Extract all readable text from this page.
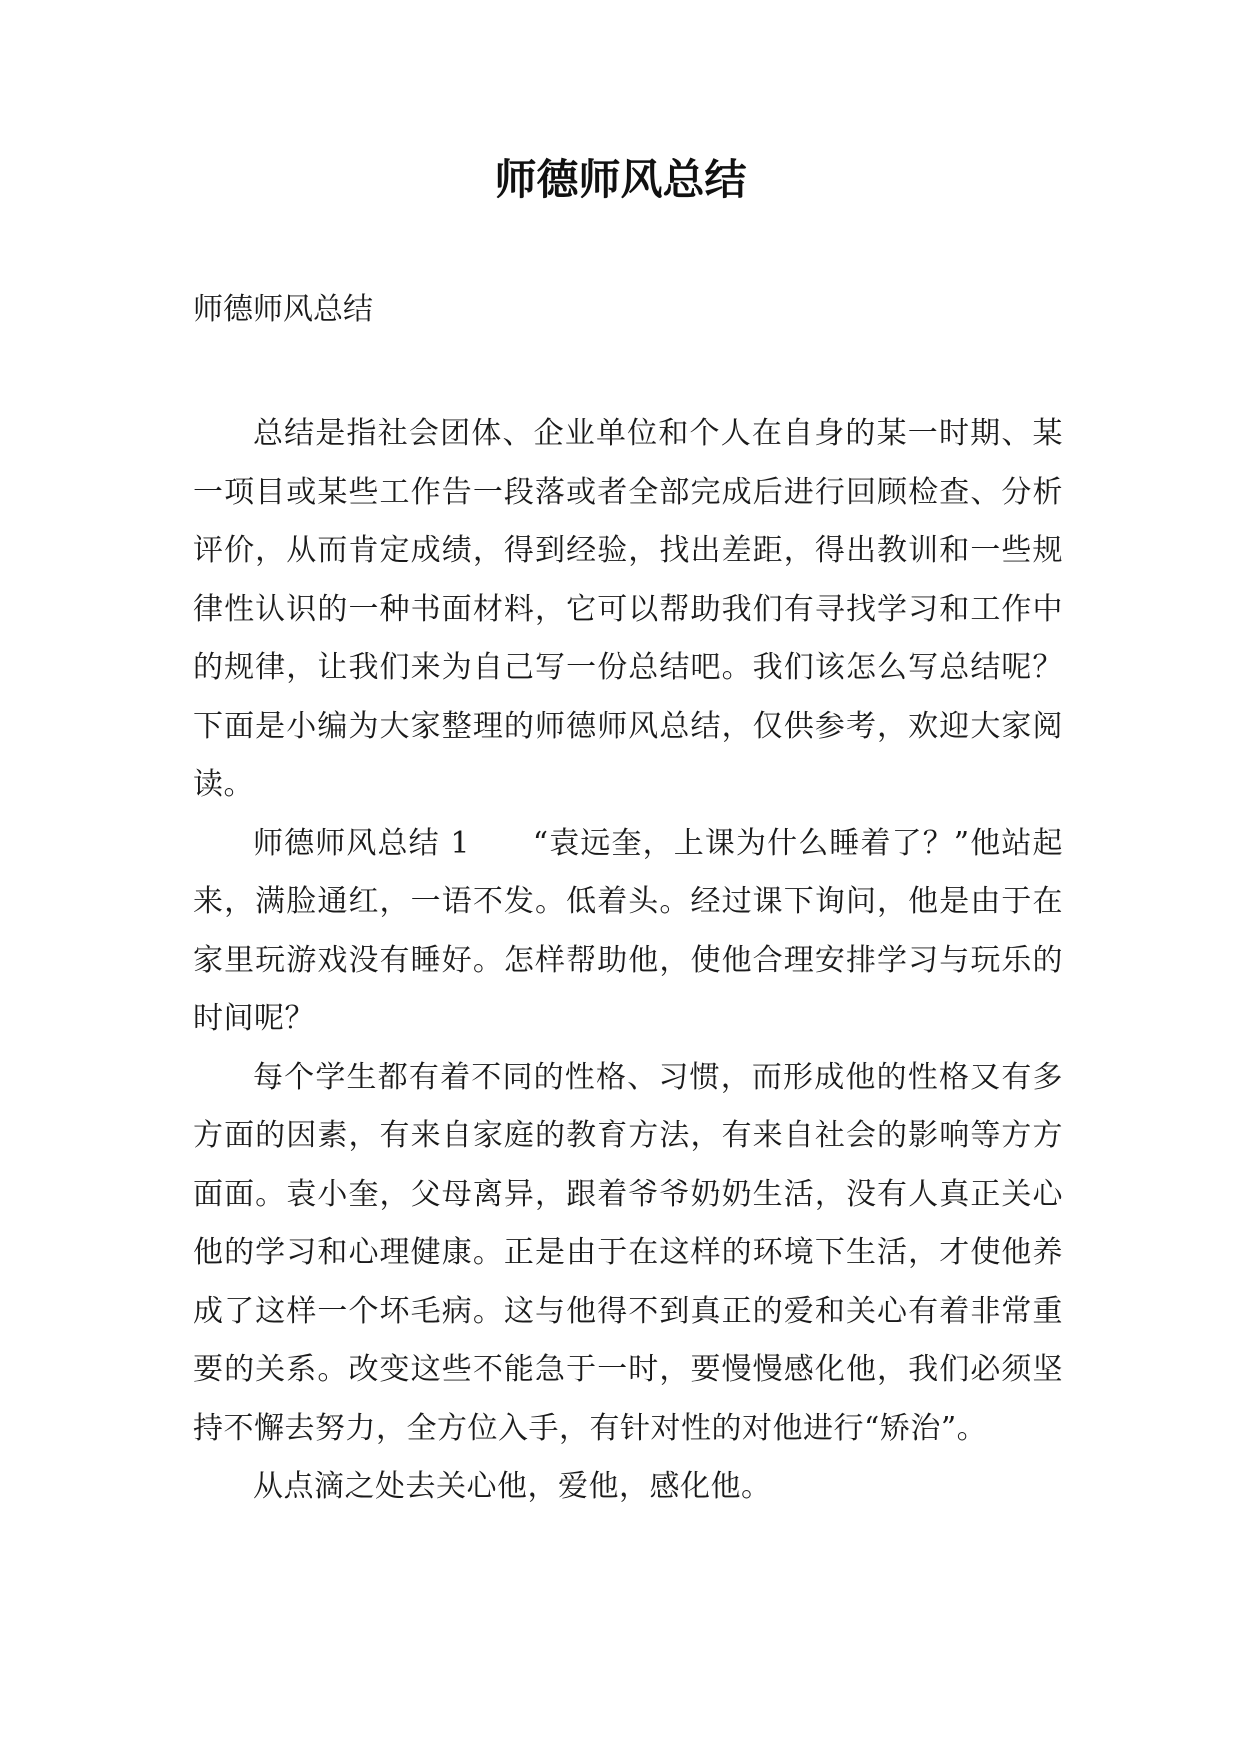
师德师风总结

师德师风总结

总结是指社会团体、企业单位和个人在自身的某一时期、某一项目或某些工作告一段落或者全部完成后进行回顾检查、分析评价，从而肯定成绩，得到经验，找出差距，得出教训和一些规律性认识的一种书面材料，它可以帮助我们有寻找学习和工作中的规律，让我们来为自己写一份总结吧。我们该怎么写总结呢？下面是小编为大家整理的师德师风总结，仅供参考，欢迎大家阅读。

师德师风总结 1　　“袁远奎，上课为什么睡着了？”他站起来，满脸通红，一语不发。低着头。经过课下询问，他是由于在家里玩游戏没有睡好。怎样帮助他，使他合理安排学习与玩乐的时间呢？

每个学生都有着不同的性格、习惯，而形成他的性格又有多方面的因素，有来自家庭的教育方法，有来自社会的影响等方方面面。袁小奎，父母离异，跟着爷爷奶奶生活，没有人真正关心他的学习和心理健康。正是由于在这样的环境下生活，才使他养成了这样一个坏毛病。这与他得不到真正的爱和关心有着非常重要的关系。改变这些不能急于一时，要慢慢感化他，我们必须坚持不懈去努力，全方位入手，有针对性的对他进行“矫治”。

从点滴之处去关心他，爱他，感化他。
